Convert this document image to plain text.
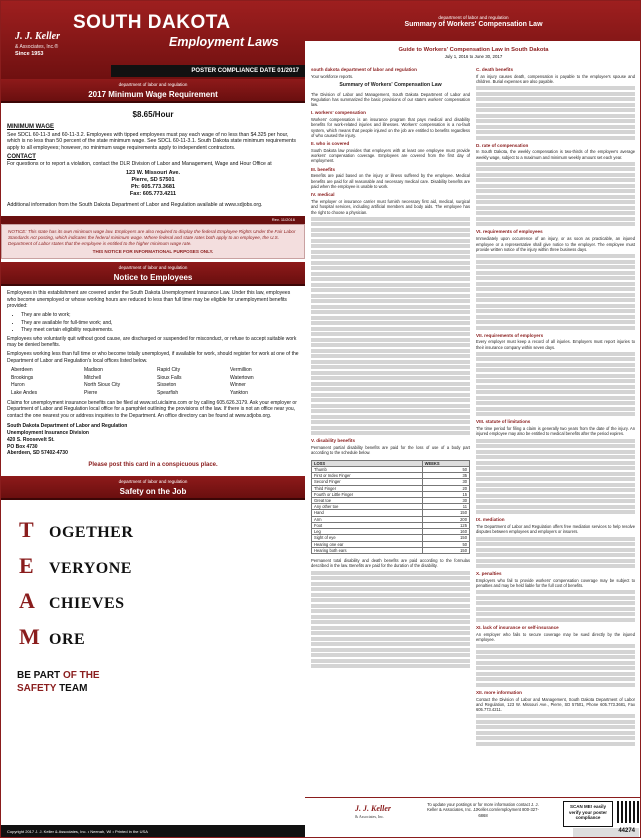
J. J. Keller
& Associates, Inc.®
Since 1953
SOUTH DAKOTA
Employment Laws
POSTER COMPLIANCE DATE 01/2017
department of labor and regulation
Summary of Workers' Compensation Law
department of labor and regulation
2017 Minimum Wage Requirement
$8.65/Hour
MINIMUM WAGE

See SDCL 60-11-3 and 60-11-3.2. Employees with tipped employees must pay each wage of no less than $4.325 per hour, which is no less than 50 percent of the state minimum wage. See SDCL 60-11-3.1. South Dakota state minimum requirements apply to all employees; however, no minimum wage requirements apply to independent contractors.

CONTACT

For questions or to report a violation, contact the DLR Division of Labor and Management, Wage and Hour Office at

123 W. Missouri Ave.
Pierre, SD 57501
Ph: 605.773.3681
Fax: 605.773.4211

Additional information from the South Dakota Department of Labor and Regulation available at www.sdjobs.org.

Rev. 11/2016
NOTICE: This state has its own minimum wage law. Employers are also required to display the federal Employee Rights Under the Fair Labor Standards Act posting, which indicates the federal minimum wage. Where federal and state rates both apply to an employee, the U.S. Department of Labor states that the employee is entitled to the higher minimum wage rate.
THIS NOTICE FOR INFORMATIONAL PURPOSES ONLY.
department of labor and regulation
Notice to Employees

Employees in this establishment are covered under the South Dakota Unemployment Insurance Law. Under this law, employees who become unemployed or whose working hours are reduced to less than full time may be eligible for unemployment benefits provided:

• They are able to work;
• They are available for full-time work; and,
• They meet certain eligibility requirements.

Employees who voluntarily quit without good cause, are discharged or suspended for misconduct, or refuse to accept suitable work may be denied benefits.

Employees working less than full time or who become totally unemployed, if available for work, should register for work at one of the Department of Labor and Regulation's local offices listed below.

Aberdeen	Madison	Rapid City	Vermillion
Brookings	Mitchell	Sioux Falls	Watertown
Huron	North Sioux City	Sisseton	Winner
Lake Andes	Pierre	Spearfish	Yankton

Claims for unemployment insurance benefits can be filed at www.sd.uiclaims.com or by calling 605.626.3179. Ask your employer or Department of Labor and Regulation local office for a pamphlet outlining the provisions of the law. If there is not an office near you, contact the one nearest you or address inquiries to the Department. An office directory can be found at www.sdjobs.org.

South Dakota Department of Labor and Regulation
Unemployment Insurance Division
420 S. Roosevelt St.
PO Box 4730
Aberdeen, SD 57402-4730
Please post this card in a conspicuous place.
department of labor and regulation
Safety on the Job
T OGETHER
E VERYONE
A CHIEVES
M ORE
BE PART OF THE
SAFETY TEAM
Copyright 2017 J. J. Keller & Associates, Inc. • Neenah, WI • Printed in the USA
Guide to Workers' Compensation Law in South Dakota
July 1, 2016 to June 30, 2017
south dakota department of labor and regulation

Your workforce reports.

Summary of Workers' Compensation Law

The Division of Labor and Management, South Dakota Department of Labor and Regulation has summarized the basic provisions of our state's workers' compensation law.

I. workers' compensation

Workers' compensation is an insurance program that pays medical and disability benefits for work-related injuries and illnesses. Workers' compensation is a no-fault system, which means that people injured on the job are entitled to benefits regardless of who caused the injury.

II. who is covered

South Dakota law provides that employers with at least one employee must provide workers' compensation coverage. Employees are covered from the first day of employment.

III. benefits

Benefits are paid based on the injury or illness suffered by the employee. Medical benefits are paid for all reasonable and necessary medical care. Disability benefits are paid when the employee is unable to work.

IV. medical

The employer or insurance carrier must furnish necessary first aid, medical, surgical and hospital services, including artificial members and body aids. The employee has the right to choose a physician.

V. disability benefits

Permanent partial disability benefits are paid for the loss of use of a body part according to the schedule below.

LOSS	WEEKS
Thumb	50
First or Index Finger	35
Second Finger	30
Third Finger	20
Fourth or Little Finger	15
Great toe	30
Any other toe	11
Hand	150
Arm	200
Foot	125
Leg	160
Sight of eye	150
Hearing one ear	50
Hearing both ears	150

Permanent total disability and death benefits are paid according to the formulas described in the law. Benefits are paid for the duration of the disability.

C. death benefits

If an injury causes death, compensation is payable to the employee's spouse and children. Burial expenses are also payable.

D. rate of compensation

In South Dakota, the weekly compensation is two-thirds of the employee's average weekly wage, subject to a maximum and minimum weekly amount set each year.

VI. requirements of employees

Immediately upon occurrence of an injury, or as soon as practicable, an injured employee or a representative shall give notice to the employer. The employee must provide written notice of the injury within three business days.

VII. requirements of employers

Every employer must keep a record of all injuries. Employers must report injuries to their insurance company within seven days.

VIII. statute of limitations

The time period for filing a claim is generally two years from the date of the injury. An injured employee may also be entitled to medical benefits after the period expires.

IX. mediation

The Department of Labor and Regulation offers free mediation services to help resolve disputes between employees and employers or insurers.

X. penalties

Employers who fail to provide workers' compensation coverage may be subject to penalties and may be held liable for the full cost of benefits.

XI. lack of insurance or self-insurance

An employer who fails to secure coverage may be sued directly by the injured employee.

XII. more information

Contact the Division of Labor and Management, South Dakota Department of Labor and Regulation, 123 W. Missouri Ave., Pierre, SD 57501, Phone 605.773.3681, Fax 605.773.4211.

J. J. Keller
& Associates, Inc.
To update your postings or for more information contact J. J. Keller & Associates, Inc. JJKeller.com/employment 800-327-6868
SCAN ME! easily verify your poster compliance
44274
